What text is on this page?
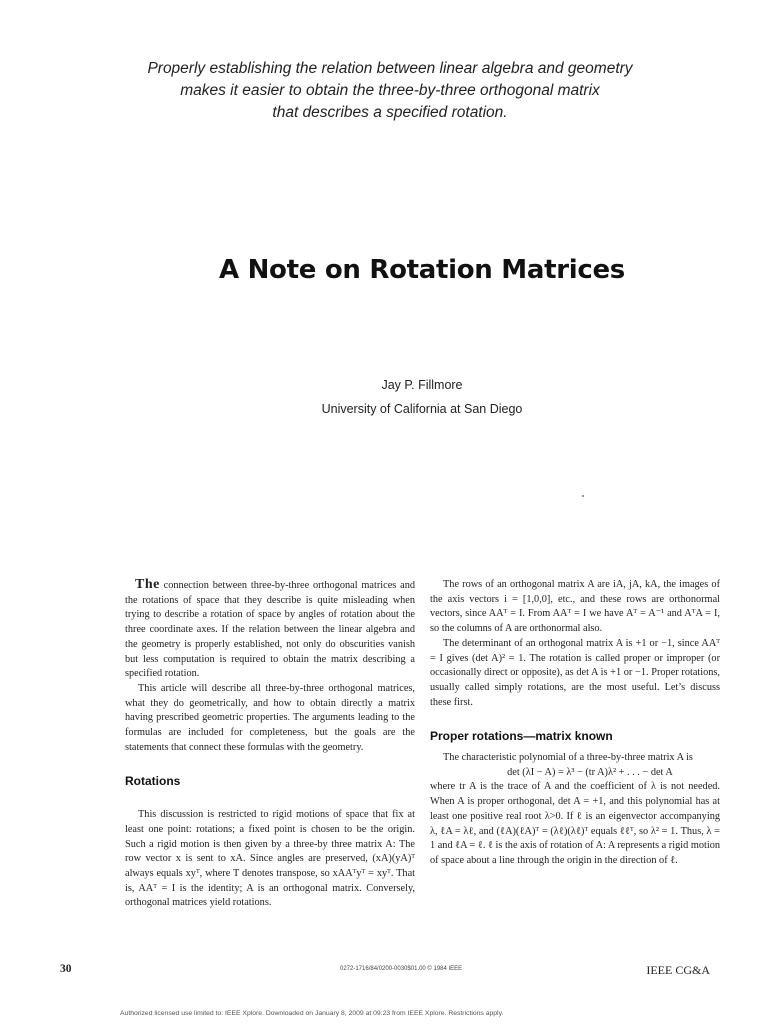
Properly establishing the relation between linear algebra and geometry
makes it easier to obtain the three-by-three orthogonal matrix
that describes a specified rotation.
A Note on Rotation Matrices
Jay P. Fillmore
University of California at San Diego

The connection between three-by-three orthogonal matrices and the rotations of space that they describe is quite misleading when trying to describe a rotation of space by angles of rotation about the three coordinate axes. If the relation between the linear algebra and the geometry is properly established, not only do obscurities vanish but less computation is required to obtain the matrix describing a specified rotation.

This article will describe all three-by-three orthogonal matrices, what they do geometrically, and how to obtain directly a matrix having prescribed geometric properties. The arguments leading to the formulas are included for completeness, but the goals are the statements that connect these formulas with the geometry.

Rotations

This discussion is restricted to rigid motions of space that fix at least one point: rotations; a fixed point is chosen to be the origin. Such a rigid motion is then given by a three-by three matrix A: The row vector x is sent to xA. Since angles are preserved, (xA)(yA)ᵀ always equals xyᵀ, where T denotes transpose, so xAAᵀyᵀ = xyᵀ. That is, AAᵀ = I is the identity; A is an orthogonal matrix. Conversely, orthogonal matrices yield rotations.

The rows of an orthogonal matrix A are iA, jA, kA, the images of the axis vectors i = [1,0,0], etc., and these rows are orthonormal vectors, since AAᵀ = I. From AAᵀ = I we have Aᵀ = A⁻¹ and AᵀA = I, so the columns of A are orthonormal also.

The determinant of an orthogonal matrix A is +1 or −1, since AAᵀ = I gives (det A)² = 1. The rotation is called proper or improper (or occasionally direct or opposite), as det A is +1 or −1. Proper rotations, usually called simply rotations, are the most useful. Let’s discuss these first.

Proper rotations—matrix known

The characteristic polynomial of a three-by-three matrix A is

det (λI − A) = λ³ − (tr A)λ² + . . . − det A

where tr A is the trace of A and the coefficient of λ is not needed. When A is proper orthogonal, det A = +1, and this polynomial has at least one positive real root λ>0. If ℓ is an eigenvector accompanying λ, ℓA = λℓ, and (ℓA)(ℓA)ᵀ = (λℓ)(λℓ)ᵀ equals ℓℓᵀ, so λ² = 1. Thus, λ = 1 and ℓA = ℓ. ℓ is the axis of rotation of A: A represents a rigid motion of space about a line through the origin in the direction of ℓ.

30	0272-1716/84/0200-0030$01.00 © 1984 IEEE	IEEE CG&A
Authorized licensed use limited to: IEEE Xplore. Downloaded on January 8, 2009 at 09:23 from IEEE Xplore. Restrictions apply.
